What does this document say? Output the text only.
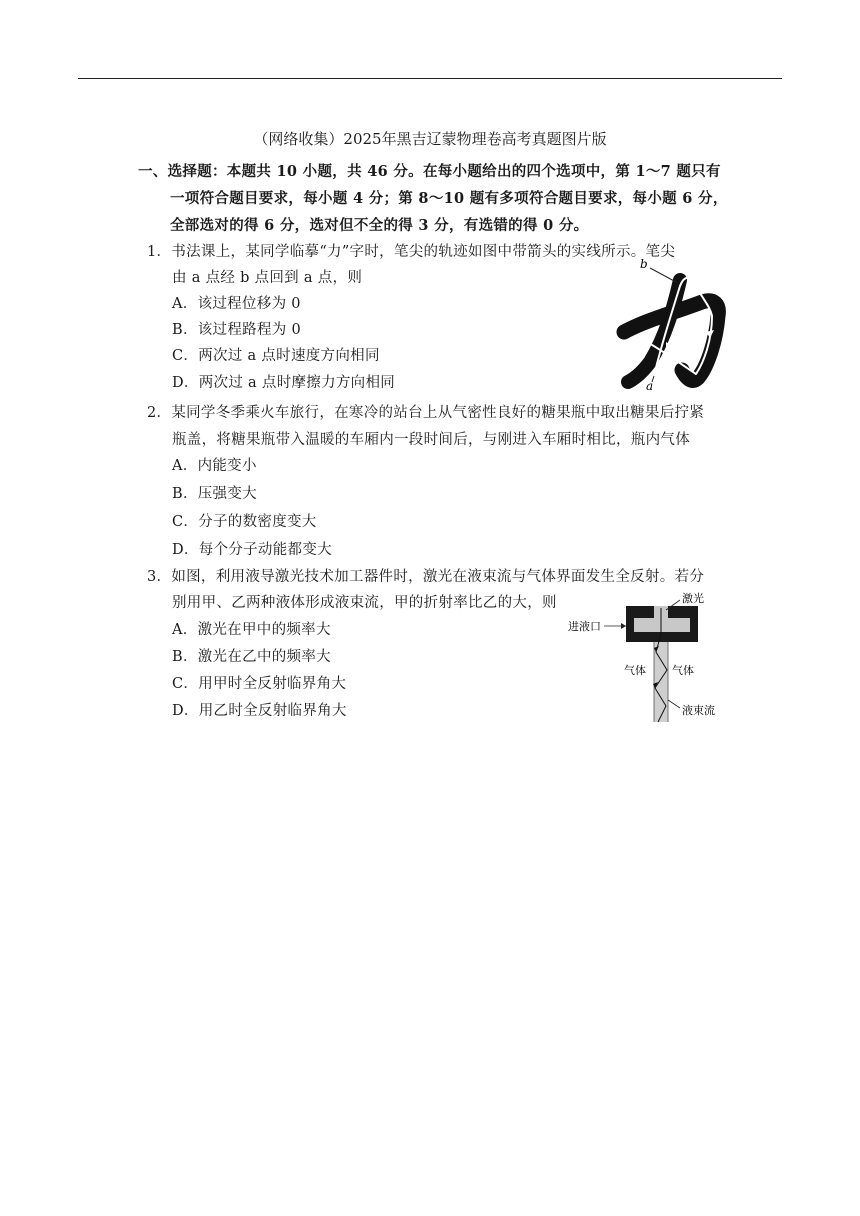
（网络收集）2025年黑吉辽蒙物理卷高考真题图片版
一、选择题：本题共 10 小题，共 46 分。在每小题给出的四个选项中，第 1～7 题只有
一项符合题目要求，每小题 4 分；第 8～10 题有多项符合题目要求，每小题 6 分，
全部选对的得 6 分，选对但不全的得 3 分，有选错的得 0 分。
1．书法课上，某同学临摹“力”字时，笔尖的轨迹如图中带箭头的实线所示。笔尖
由 a 点经 b 点回到 a 点，则
A．该过程位移为 0
B．该过程路程为 0
C．两次过 a 点时速度方向相同
D．两次过 a 点时摩擦力方向相同
b
a
2．某同学冬季乘火车旅行，在寒冷的站台上从气密性良好的糖果瓶中取出糖果后拧紧
瓶盖，将糖果瓶带入温暖的车厢内一段时间后，与刚进入车厢时相比，瓶内气体
A．内能变小
B．压强变大
C．分子的数密度变大
D．每个分子动能都变大
3．如图，利用液导激光技术加工器件时，激光在液束流与气体界面发生全反射。若分
别用甲、乙两种液体形成液束流，甲的折射率比乙的大，则
A．激光在甲中的频率大
B．激光在乙中的频率大
C．用甲时全反射临界角大
D．用乙时全反射临界角大
激光
进液口
气体 气体
液束流
